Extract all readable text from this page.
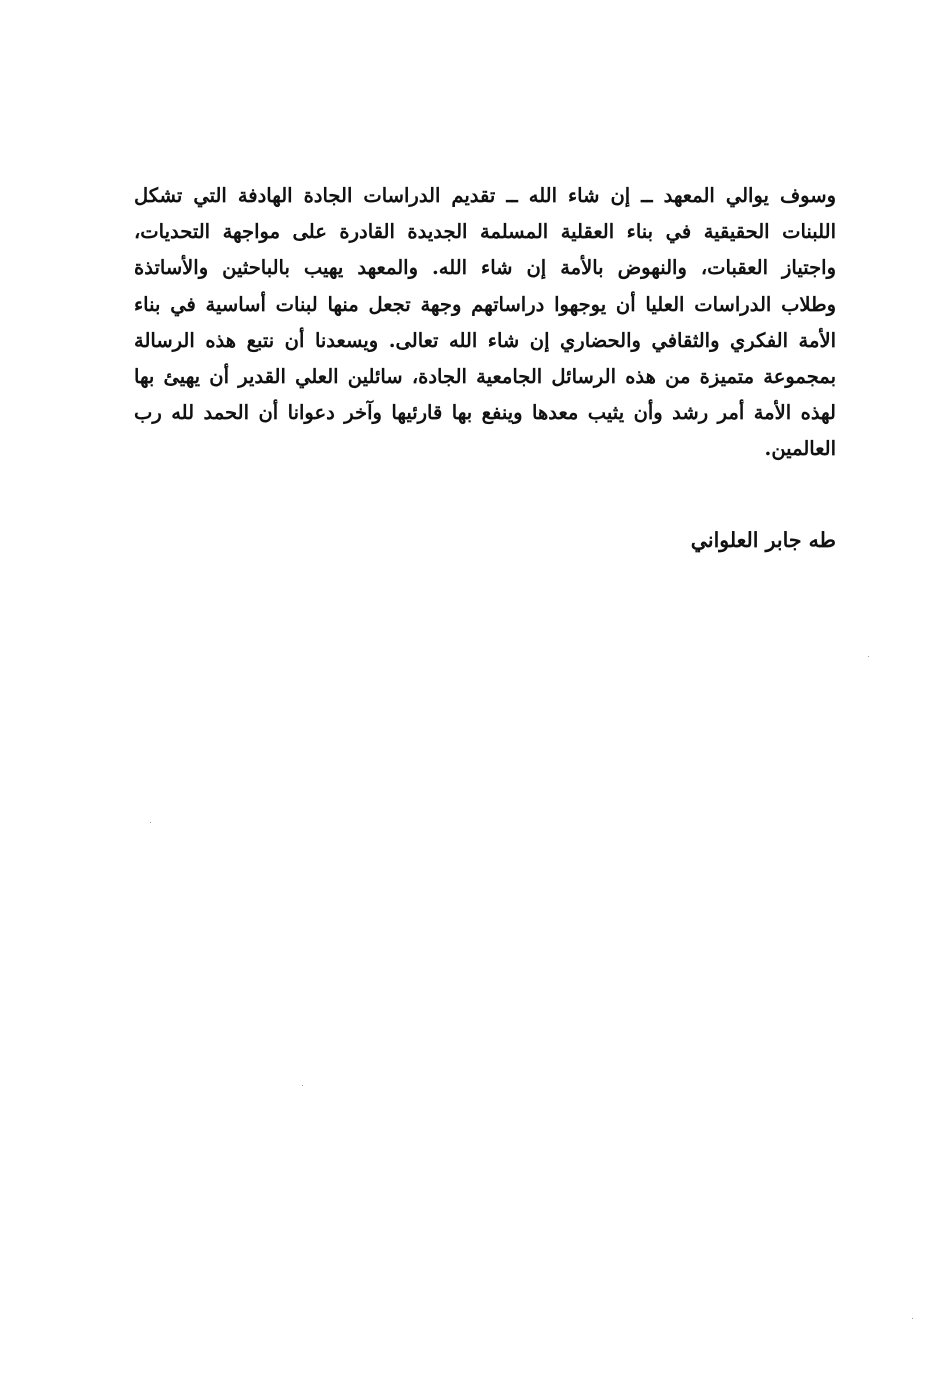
وسوف يوالي المعهد ــ إن شاء الله ــ تقديم الدراسات الجادة الهادفة التي تشكل
اللبنات الحقيقية في بناء العقلية المسلمة الجديدة القادرة على مواجهة التحديات،
واجتياز العقبات، والنهوض بالأمة إن شاء الله. والمعهد يهيب بالباحثين والأساتذة
وطلاب الدراسات العليا أن يوجهوا دراساتهم وجهة تجعل منها لبنات أساسية في بناء
الأمة الفكري والثقافي والحضاري إن شاء الله تعالى. ويسعدنا أن نتبع هذه الرسالة
بمجموعة متميزة من هذه الرسائل الجامعية الجادة، سائلين العلي القدير أن يهيئ بها
لهذه الأمة أمر رشد وأن يثيب معدها وينفع بها قارئيها وآخر دعوانا أن الحمد لله رب
العالمين.
طه جابر العلواني
